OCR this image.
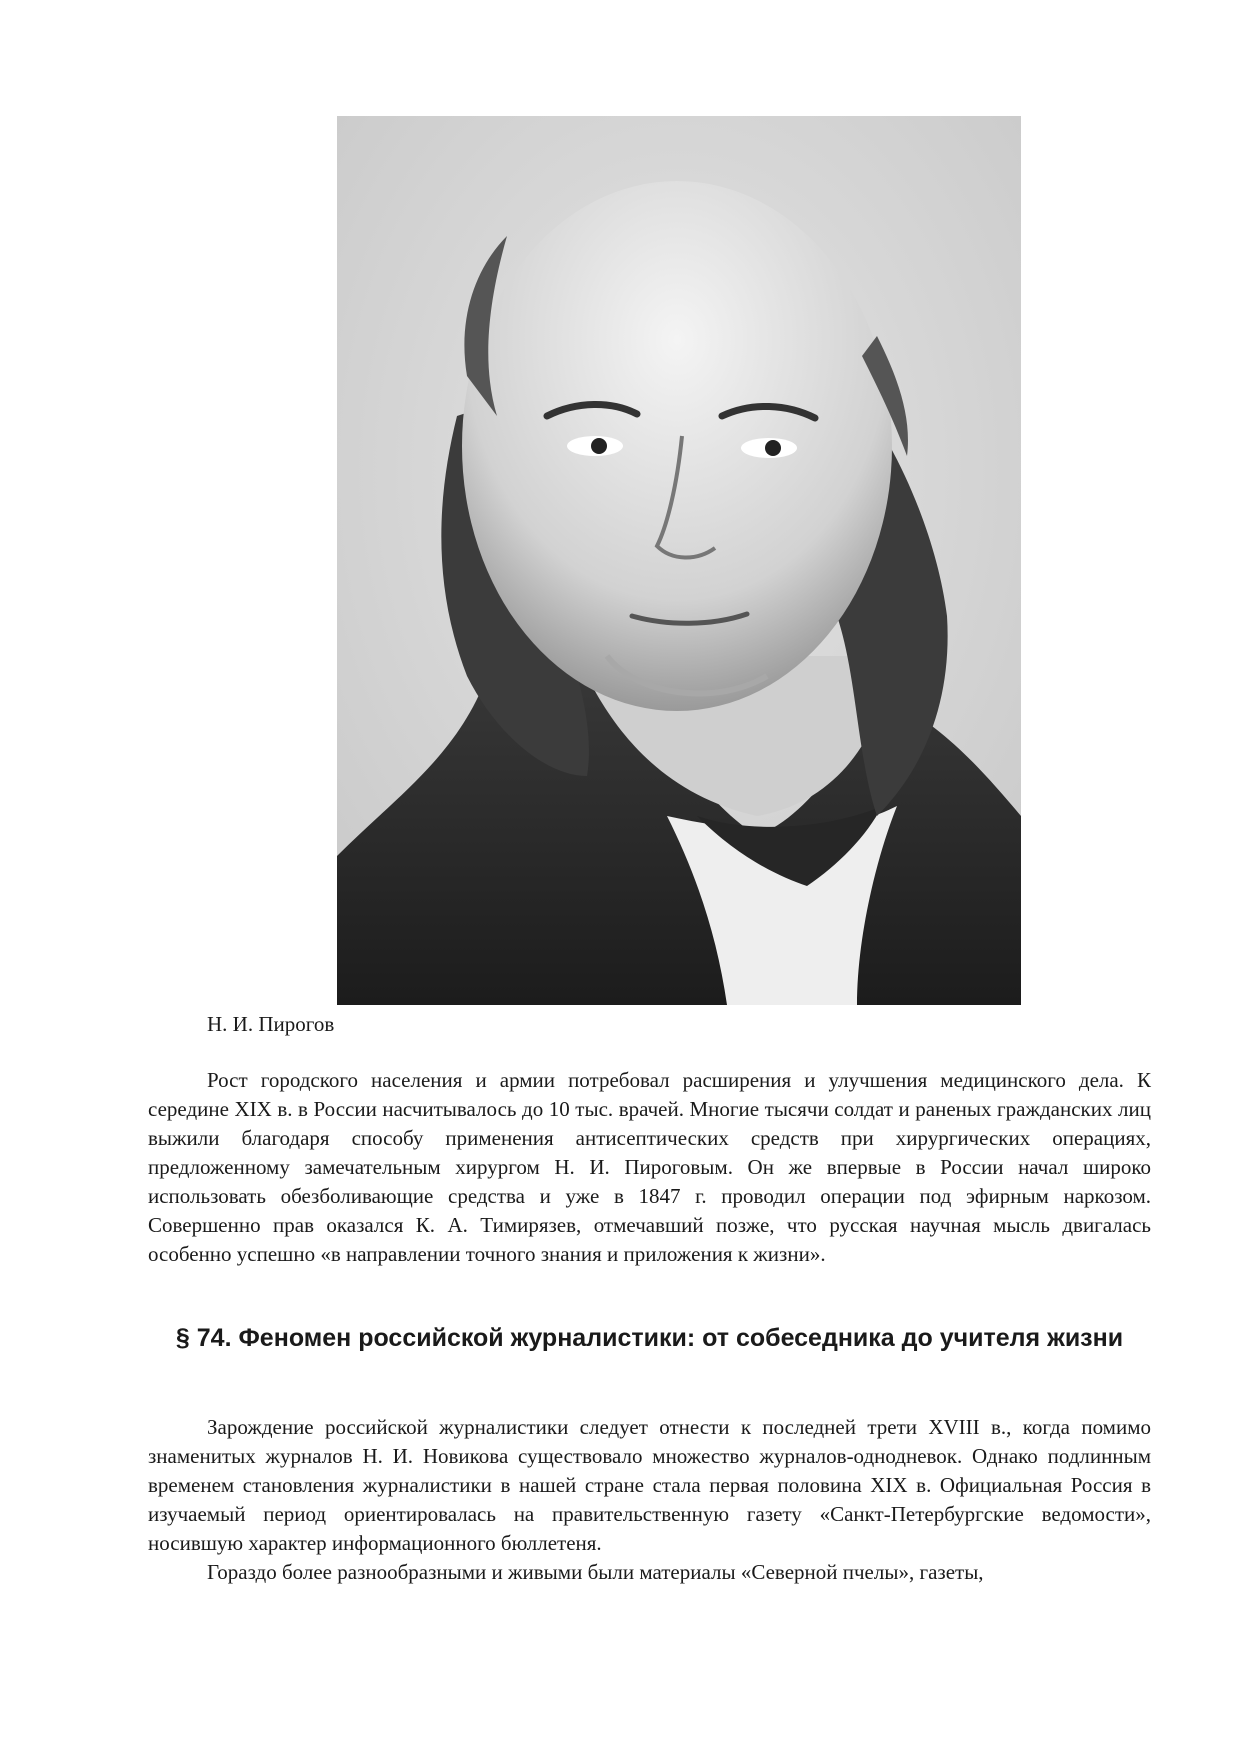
Н. И. Пирогов

Рост городского населения и армии потребовал расширения и улучшения медицинского дела. К середине XIX в. в России насчитывалось до 10 тыс. врачей. Многие тысячи солдат и раненых гражданских лиц выжили благодаря способу применения антисептических средств при хирургических операциях, предложенному замечательным хирургом Н. И. Пироговым. Он же впервые в России начал широко использовать обезболивающие средства и уже в 1847 г. проводил операции под эфирным наркозом. Совершенно прав оказался К. А. Тимирязев, отмечавший позже, что русская научная мысль двигалась особенно успешно «в направлении точного знания и приложения к жизни».

§ 74. Феномен российской журналистики: от собеседника до учителя жизни

Зарождение российской журналистики следует отнести к последней трети XVIII в., когда помимо знаменитых журналов Н. И. Новикова существовало множество журналов-однодневок. Однако подлинным временем становления журналистики в нашей стране стала первая половина XIX в. Официальная Россия в изучаемый период ориентировалась на правительственную газету «Санкт-Петербургские ведомости», носившую характер информационного бюллетеня.

Гораздо более разнообразными и живыми были материалы «Северной пчелы», газеты,
